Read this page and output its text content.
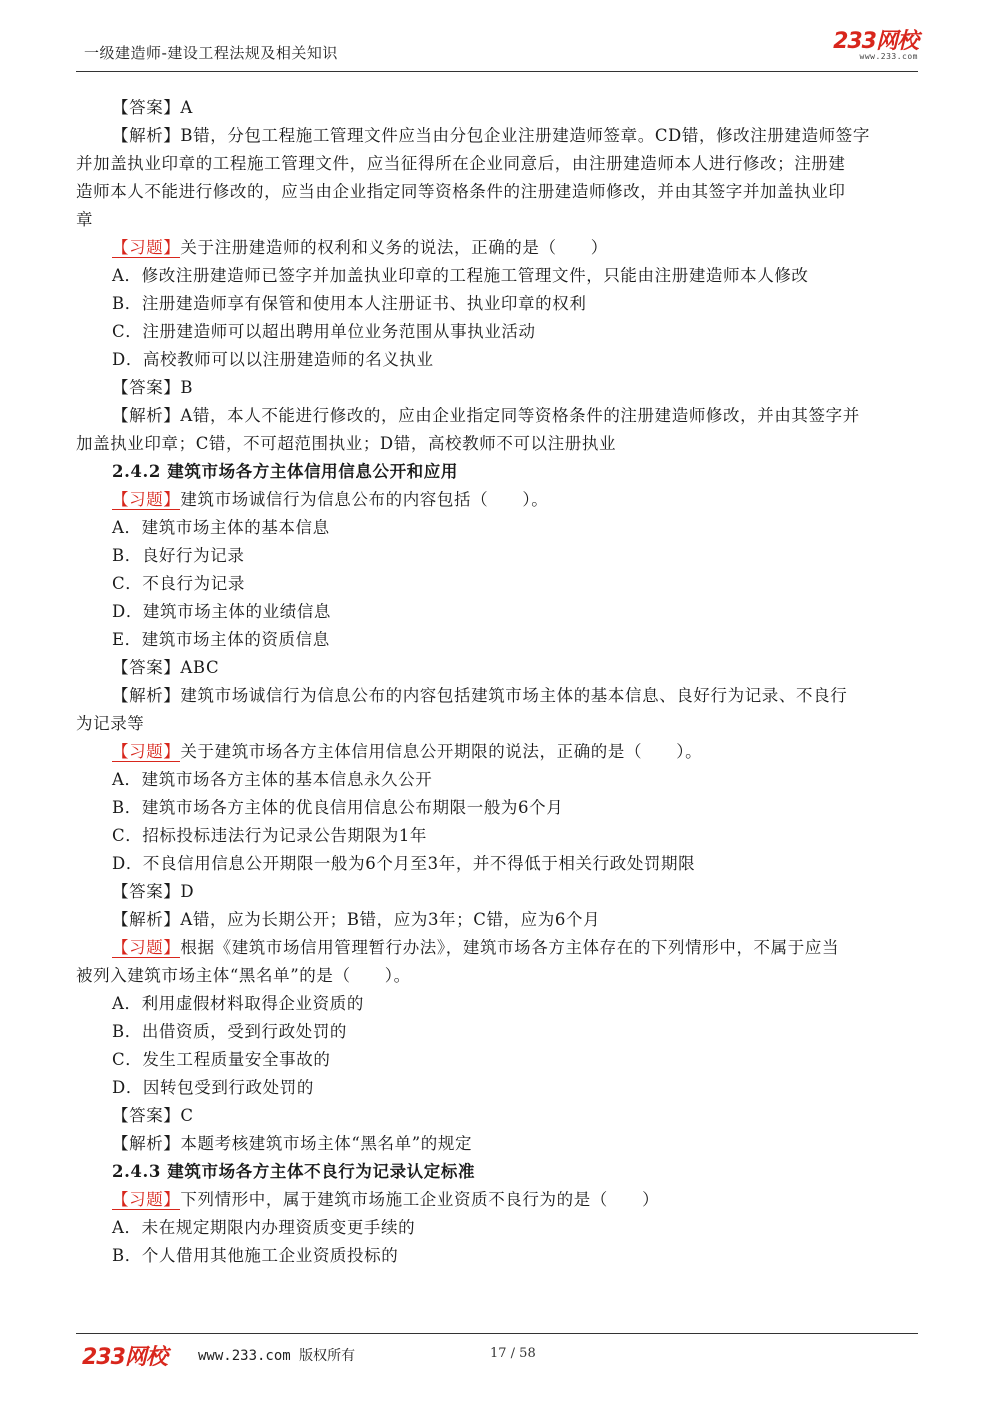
一级建造师-建设工程法规及相关知识	233网校
www.233.com
【答案】A
【解析】B错，分包工程施工管理文件应当由分包企业注册建造师签章。CD错，修改注册建造师签字
并加盖执业印章的工程施工管理文件，应当征得所在企业同意后，由注册建造师本人进行修改；注册建
造师本人不能进行修改的，应当由企业指定同等资格条件的注册建造师修改，并由其签字并加盖执业印
章
【习题】关于注册建造师的权利和义务的说法，正确的是（　　）
A．修改注册建造师已签字并加盖执业印章的工程施工管理文件，只能由注册建造师本人修改
B．注册建造师享有保管和使用本人注册证书、执业印章的权利
C．注册建造师可以超出聘用单位业务范围从事执业活动
D．高校教师可以以注册建造师的名义执业
【答案】B
【解析】A错，本人不能进行修改的，应由企业指定同等资格条件的注册建造师修改，并由其签字并
加盖执业印章；C错，不可超范围执业；D错，高校教师不可以注册执业
2.4.2 建筑市场各方主体信用信息公开和应用
【习题】建筑市场诚信行为信息公布的内容包括（　　）。
A．建筑市场主体的基本信息
B．良好行为记录
C．不良行为记录
D．建筑市场主体的业绩信息
E．建筑市场主体的资质信息
【答案】ABC
【解析】建筑市场诚信行为信息公布的内容包括建筑市场主体的基本信息、良好行为记录、不良行
为记录等
【习题】关于建筑市场各方主体信用信息公开期限的说法，正确的是（　　）。
A．建筑市场各方主体的基本信息永久公开
B．建筑市场各方主体的优良信用信息公布期限一般为6个月
C．招标投标违法行为记录公告期限为1年
D．不良信用信息公开期限一般为6个月至3年，并不得低于相关行政处罚期限
【答案】D
【解析】A错，应为长期公开；B错，应为3年；C错，应为6个月
【习题】根据《建筑市场信用管理暂行办法》，建筑市场各方主体存在的下列情形中，不属于应当
被列入建筑市场主体“黑名单”的是（　　）。
A．利用虚假材料取得企业资质的
B．出借资质，受到行政处罚的
C．发生工程质量安全事故的
D．因转包受到行政处罚的
【答案】C
【解析】本题考核建筑市场主体“黑名单”的规定
2.4.3 建筑市场各方主体不良行为记录认定标准
【习题】下列情形中，属于建筑市场施工企业资质不良行为的是（　　）
A．未在规定期限内办理资质变更手续的
B．个人借用其他施工企业资质投标的
233网校 www.233.com 版权所有	17 / 58
